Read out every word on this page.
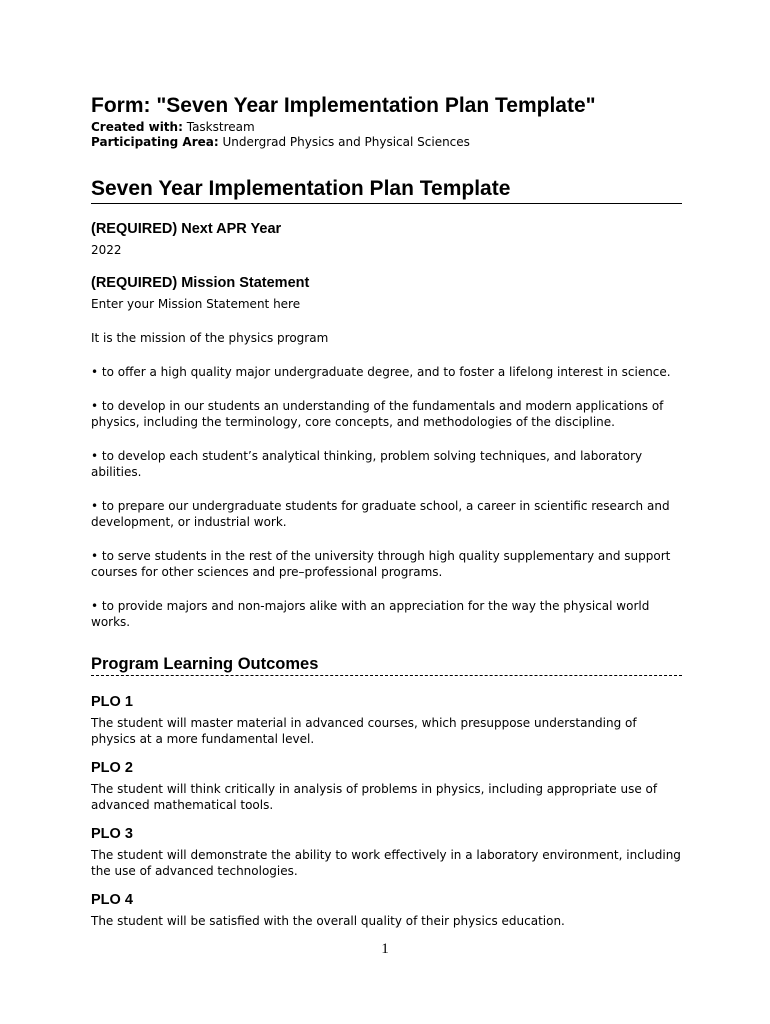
Form: "Seven Year Implementation Plan Template"
Created with: Taskstream
Participating Area: Undergrad Physics and Physical Sciences
Seven Year Implementation Plan Template
(REQUIRED) Next APR Year

2022

(REQUIRED) Mission Statement

Enter your Mission Statement here

It is the mission of the physics program

• to offer a high quality major undergraduate degree, and to foster a lifelong interest in science.

• to develop in our students an understanding of the fundamentals and modern applications of physics, including the terminology, core concepts, and methodologies of the discipline.

• to develop each student’s analytical thinking, problem solving techniques, and laboratory abilities.

• to prepare our undergraduate students for graduate school, a career in scientific research and development, or industrial work.

• to serve students in the rest of the university through high quality supplementary and support courses for other sciences and pre–professional programs.

• to provide majors and non-majors alike with an appreciation for the way the physical world works.

Program Learning Outcomes
PLO 1

The student will master material in advanced courses, which presuppose understanding of physics at a more fundamental level.

PLO 2

The student will think critically in analysis of problems in physics, including appropriate use of advanced mathematical tools.

PLO 3

The student will demonstrate the ability to work effectively in a laboratory environment, including the use of advanced technologies.

PLO 4

The student will be satisfied with the overall quality of their physics education.

1
